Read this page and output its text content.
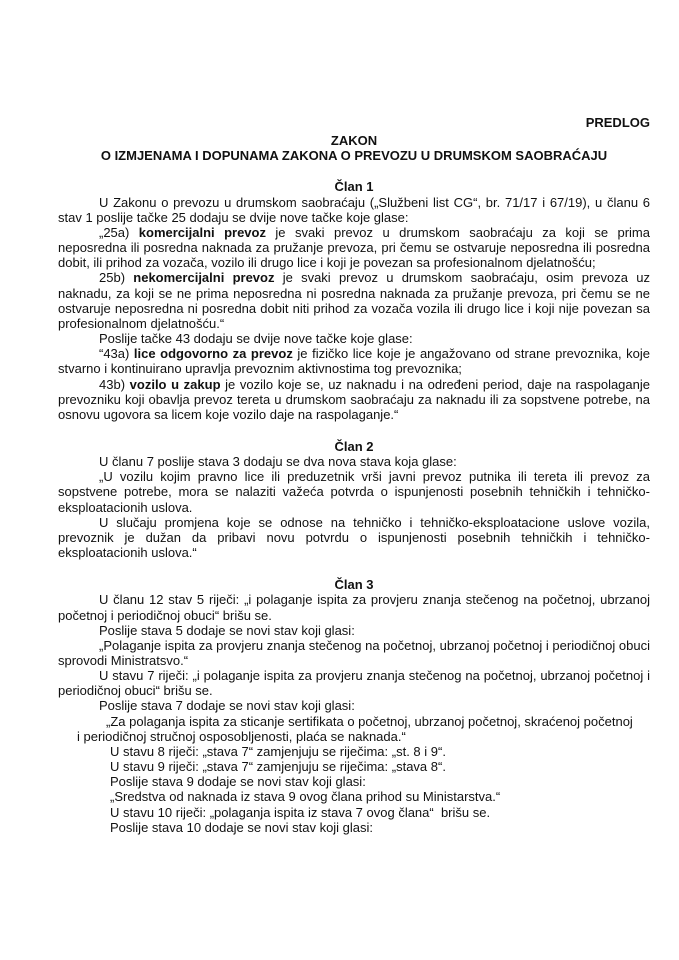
PREDLOG
ZAKON
O IZMJENAMA I DOPUNAMA ZAKONA O PREVOZU U DRUMSKOM SAOBRAĆAJU
Član 1

U Zakonu o prevozu u drumskom saobraćaju („Službeni list CG“, br. 71/17 i 67/19), u članu 6 stav 1 poslije tačke 25 dodaju se dvije nove tačke koje glase:

„25a) komercijalni prevoz je svaki prevoz u drumskom saobraćaju za koji se prima neposredna ili posredna naknada za pružanje prevoza, pri čemu se ostvaruje neposredna ili posredna dobit, ili prihod za vozača, vozilo ili drugo lice i koji je povezan sa profesionalnom djelatnošću;

25b) nekomercijalni prevoz je svaki prevoz u drumskom saobraćaju, osim prevoza uz naknadu, za koji se ne prima neposredna ni posredna naknada za pružanje prevoza, pri čemu se ne ostvaruje neposredna ni posredna dobit niti prihod za vozača vozila ili drugo lice i koji nije povezan sa profesionalnom djelatnošću.“

Poslije tačke 43 dodaju se dvije nove tačke koje glase:

“43a) lice odgovorno za prevoz je fizičko lice koje je angažovano od strane prevoznika, koje stvarno i kontinuirano upravlja prevoznim aktivnostima tog prevoznika;

43b) vozilo u zakup je vozilo koje se, uz naknadu i na određeni period, daje na raspolaganje prevozniku koji obavlja prevoz tereta u drumskom saobraćaju za naknadu ili za sopstvene potrebe, na osnovu ugovora sa licem koje vozilo daje na raspolaganje.“

Član 2

U članu 7 poslije stava 3 dodaju se dva nova stava koja glase:

„U vozilu kojim pravno lice ili preduzetnik vrši javni prevoz putnika ili tereta ili prevoz za sopstvene potrebe, mora se nalaziti važeća potvrda o ispunjenosti posebnih tehničkih i tehničko-eksploatacionih uslova.

U slučaju promjena koje se odnose na tehničko i tehničko-eksploatacione uslove vozila, prevoznik je dužan da pribavi novu potvrdu o ispunjenosti posebnih tehničkih i tehničko-eksploatacionih uslova.“

Član 3

U članu 12 stav 5 riječi: „i polaganje ispita za provjeru znanja stečenog na početnoj, ubrzanoj početnoj i periodičnoj obuci“ brišu se.

Poslije stava 5 dodaje se novi stav koji glasi:

„Polaganje ispita za provjeru znanja stečenog na početnoj, ubrzanoj početnoj i periodičnoj obuci sprovodi Ministratsvo.“

U stavu 7 riječi: „i polaganje ispita za provjeru znanja stečenog na početnoj, ubrzanoj početnoj i periodičnoj obuci“ brišu se.

Poslije stava 7 dodaje se novi stav koji glasi:

„Za polaganja ispita za sticanje sertifikata o početnoj, ubrzanoj početnoj, skraćenoj početnoj i periodičnoj stručnoj osposobljenosti, plaća se naknada.“

U stavu 8 riječi: „stava 7“ zamjenjuju se riječima: „st. 8 i 9“.

U stavu 9 riječi: „stava 7“ zamjenjuju se riječima: „stava 8“.

Poslije stava 9 dodaje se novi stav koji glasi:

„Sredstva od naknada iz stava 9 ovog člana prihod su Ministarstva.“

U stavu 10 riječi: „polaganja ispita iz stava 7 ovog člana“  brišu se.

Poslije stava 10 dodaje se novi stav koji glasi:
